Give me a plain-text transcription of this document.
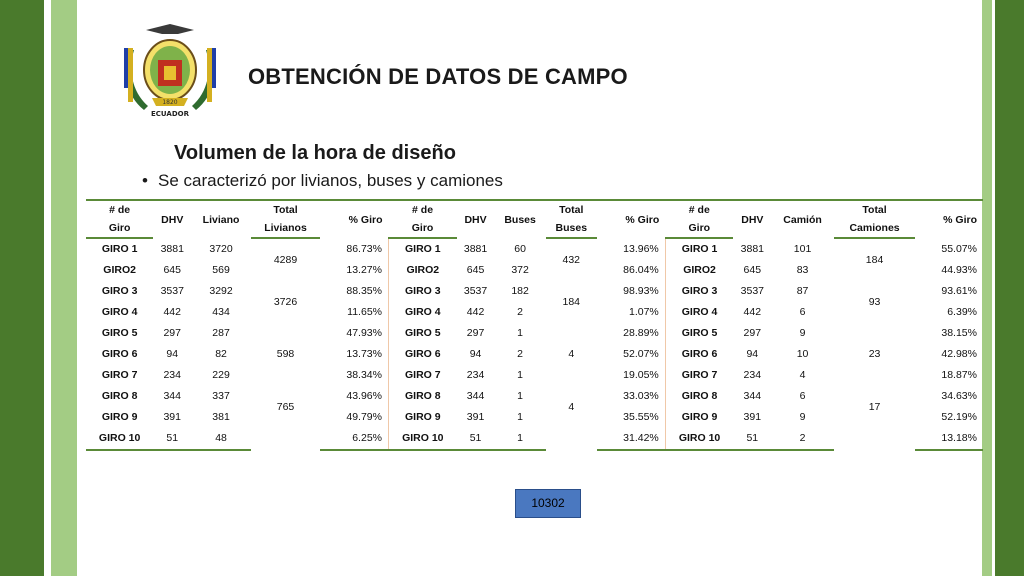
1820
ECUADOR
OBTENCIÓN DE DATOS DE CAMPO
Volumen de la hora de diseño
• Se caracterizó por livianos, buses y camiones
# de	DHV	Liviano	Total	% Giro	# de	DHV	Buses	Total	% Giro	# de	DHV	Camión	Total	% Giro
Giro			Livianos		Giro			Buses		Giro			Camiones	
GIRO 1	3881	3720	4289	86.73%	GIRO 1	3881	60	432	13.96%	GIRO 1	3881	101	184	55.07%
GIRO2	645	569		13.27%	GIRO2	645	372		86.04%	GIRO2	645	83		44.93%
GIRO 3	3537	3292	3726	88.35%	GIRO 3	3537	182	184	98.93%	GIRO 3	3537	87	93	93.61%
GIRO 4	442	434		11.65%	GIRO 4	442	2		1.07%	GIRO 4	442	6		6.39%
GIRO 5	297	287	598	47.93%	GIRO 5	297	1	4	28.89%	GIRO 5	297	9	23	38.15%
GIRO 6	94	82		13.73%	GIRO 6	94	2		52.07%	GIRO 6	94	10		42.98%
GIRO 7	234	229	765	38.34%	GIRO 7	234	1	4	19.05%	GIRO 7	234	4	17	18.87%
GIRO 8	344	337		43.96%	GIRO 8	344	1		33.03%	GIRO 8	344	6		34.63%
GIRO 9	391	381		49.79%	GIRO 9	391	1		35.55%	GIRO 9	391	9		52.19%
GIRO 10	51	48		6.25%	GIRO 10	51	1		31.42%	GIRO 10	51	2		13.18%
10302
